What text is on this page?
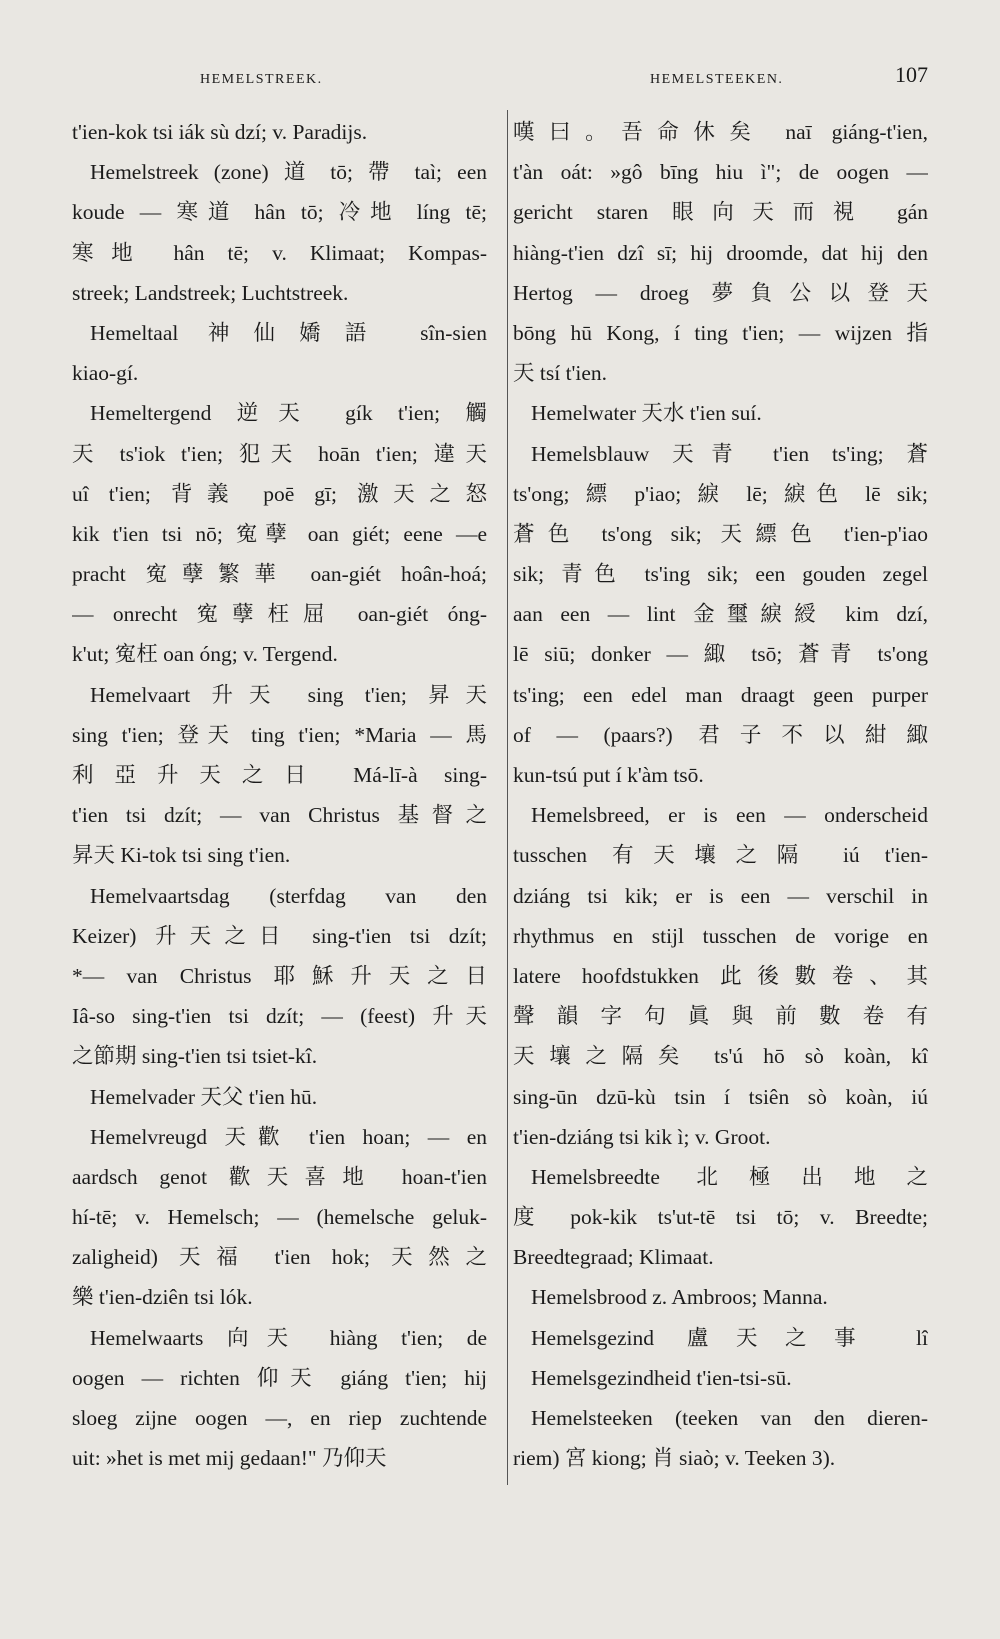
HEMELSTREEK.	HEMELSTEEKEN.	107
t'ien-kok tsi iák sù dzí; v. Paradijs.
Hemelstreek (zone) 道 tō; 帶 taì; een
koude — 寒道 hân tō; 冷地 líng tē;
寒地 hân tē; v. Klimaat; Kompas-
streek; Landstreek; Luchtstreek.
Hemeltaal 神仙嬌語 sîn-sien
kiao-gí.
Hemeltergend 逆天 gík t'ien; 觸
天 ts'iok t'ien; 犯天 hoān t'ien; 違天
uî t'ien; 背義 poē gī; 激天之怒
kik t'ien tsi nō; 寃孽 oan giét; eene —e
pracht 寃孽繁華 oan-giét hoân-hoá;
— onrecht 寃孽枉屈 oan-giét óng-
k'ut; 寃枉 oan óng; v. Tergend.
Hemelvaart 升天 sing t'ien; 昇天
sing t'ien; 登天 ting t'ien; *Maria — 馬
利亞升天之日 Má-lī-à sing-
t'ien tsi dzít; — van Christus 基督之
昇天 Ki-tok tsi sing t'ien.
Hemelvaartsdag (sterfdag van den
Keizer) 升天之日 sing-t'ien tsi dzít;
*— van Christus 耶穌升天之日
Iâ-so sing-t'ien tsi dzít; — (feest) 升天
之節期 sing-t'ien tsi tsiet-kî.
Hemelvader 天父 t'ien hū.
Hemelvreugd 天歡 t'ien hoan; — en
aardsch genot 歡天喜地 hoan-t'ien
hí-tē; v. Hemelsch; — (hemelsche geluk-
zaligheid) 天福 t'ien hok; 天然之
樂 t'ien-dziên tsi lók.
Hemelwaarts 向天 hiàng t'ien; de
oogen — richten 仰天 giáng t'ien; hij
sloeg zijne oogen —, en riep zuchtende
uit: »het is met mij gedaan!" 乃仰天
嘆曰。吾命休矣 naī giáng-t'ien,
t'àn oát: »gô bīng hiu ì"; de oogen —
gericht staren 眼向天而視 gán
hiàng-t'ien dzî sī; hij droomde, dat hij den
Hertog — droeg 夢負公以登天
bōng hū Kong, í ting t'ien; — wijzen 指
天 tsí t'ien.
Hemelwater 天水 t'ien suí.
Hemelsblauw 天青 t'ien ts'ing; 蒼
ts'ong; 縹 p'iao; 綟 lē; 綟色 lē sik;
蒼色 ts'ong sik; 天縹色 t'ien-p'iao
sik; 青色 ts'ing sik; een gouden zegel
aan een — lint 金璽綟綬 kim dzí,
lē siū; donker — 緅 tsō; 蒼青 ts'ong
ts'ing; een edel man draagt geen purper
of — (paars?) 君子不以紺緅
kun-tsú put í k'àm tsō.
Hemelsbreed, er is een — onderscheid
tusschen 有天壤之隔 iú t'ien-
dziáng tsi kik; er is een — verschil in
rhythmus en stijl tusschen de vorige en
latere hoofdstukken 此後數卷、其
聲韻字句眞與前數卷有
天壤之隔矣 ts'ú hō sò koàn, kî
sing-ūn dzū-kù tsin í tsiên sò koàn, iú
t'ien-dziáng tsi kik ì; v. Groot.
Hemelsbreedte 北極出地之
度 pok-kik ts'ut-tē tsi tō; v. Breedte;
Breedtegraad; Klimaat.
Hemelsbrood z. Ambroos; Manna.
Hemelsgezind 盧天之事 lî
Hemelsgezindheid t'ien-tsi-sū.
Hemelsteeken (teeken van den dieren-
riem) 宮 kiong; 肖 siaò; v. Teeken 3).
